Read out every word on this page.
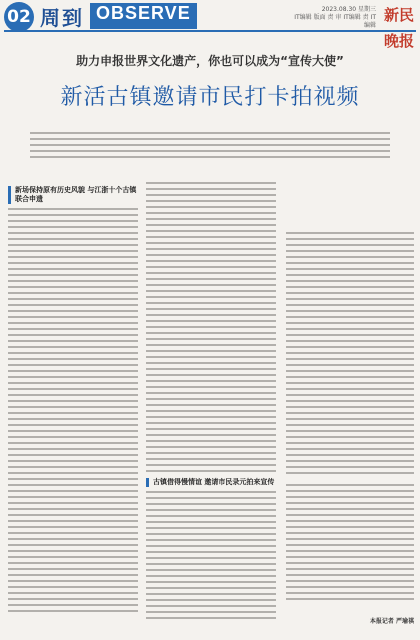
02 周到 OBSERVE	2023.08.30 星期三
IT编辑 版面 责 审 IT编辑 责 IT编辑
新民晚报
助力申报世界文化遗产，你也可以成为“宣传大使”
新活古镇邀请市民打卡拍视频
新场保持原有历史风貌 与江浙十个古镇联合申遗
古镇借得慢情谊 邀请市民录元拍来宣传
本报记者 严瑜祺
